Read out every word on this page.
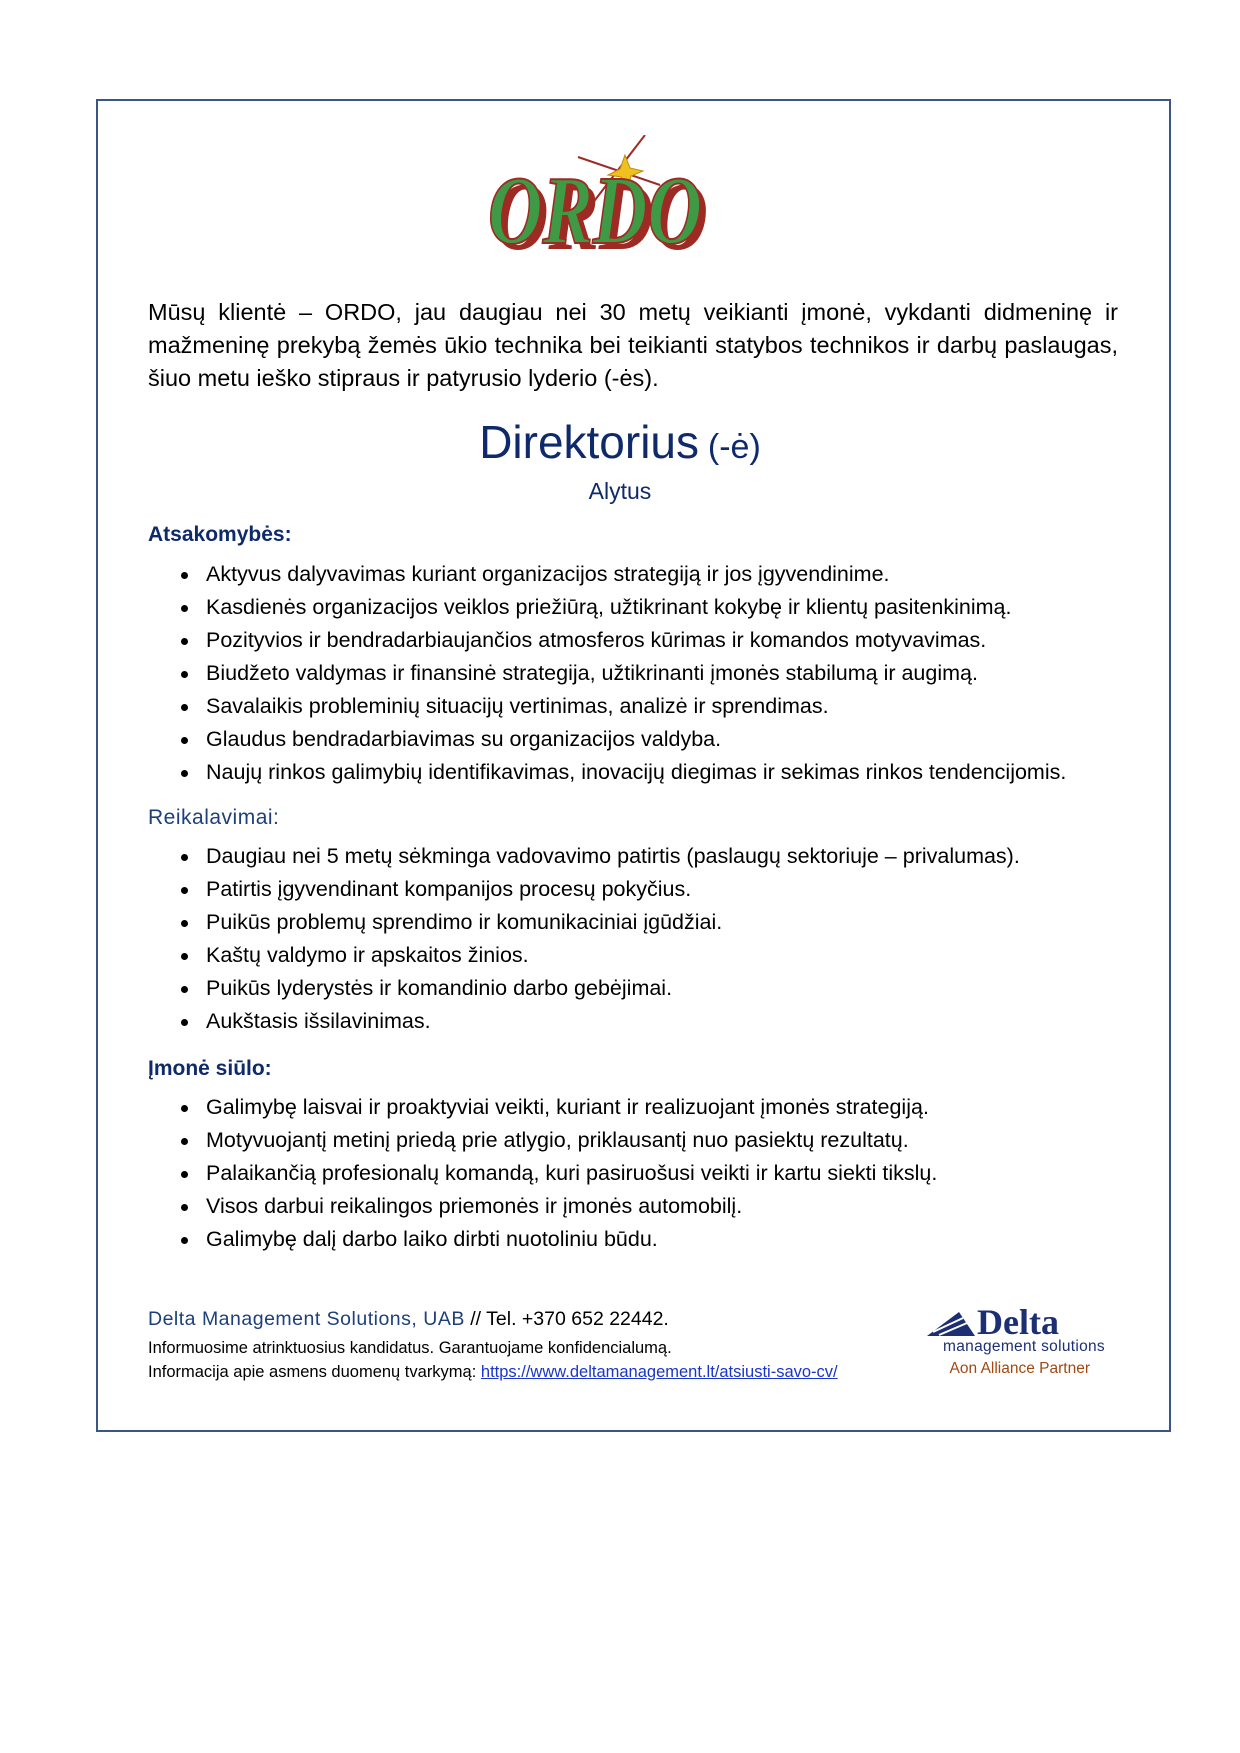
ORDO
ORDO

Mūsų klientė – ORDO, jau daugiau nei 30 metų veikianti įmonė, vykdanti didmeninę ir mažmeninę prekybą žemės ūkio technika bei teikianti statybos technikos ir darbų paslaugas, šiuo metu ieško stipraus ir patyrusio lyderio (-ės).

Direktorius (-ė)
Alytus
Atsakomybės:
Aktyvus dalyvavimas kuriant organizacijos strategiją ir jos įgyvendinime.
Kasdienės organizacijos veiklos priežiūrą, užtikrinant kokybę ir klientų pasitenkinimą.
Pozityvios ir bendradarbiaujančios atmosferos kūrimas ir komandos motyvavimas.
Biudžeto valdymas ir finansinė strategija, užtikrinanti įmonės stabilumą ir augimą.
Savalaikis probleminių situacijų vertinimas, analizė ir sprendimas.
Glaudus bendradarbiavimas su organizacijos valdyba.
Naujų rinkos galimybių identifikavimas, inovacijų diegimas ir sekimas rinkos tendencijomis.
Reikalavimai:
Daugiau nei 5 metų sėkminga vadovavimo patirtis (paslaugų sektoriuje – privalumas).
Patirtis įgyvendinant kompanijos procesų pokyčius.
Puikūs problemų sprendimo ir komunikaciniai įgūdžiai.
Kaštų valdymo ir apskaitos žinios.
Puikūs lyderystės ir komandinio darbo gebėjimai.
Aukštasis išsilavinimas.
Įmonė siūlo:
Galimybę laisvai ir proaktyviai veikti, kuriant ir realizuojant įmonės strategiją.
Motyvuojantį metinį priedą prie atlygio, priklausantį nuo pasiektų rezultatų.
Palaikančią profesionalų komandą, kuri pasiruošusi veikti ir kartu siekti tikslų.
Visos darbui reikalingos priemonės ir įmonės automobilį.
Galimybę dalį darbo laiko dirbti nuotoliniu būdu.
Delta Management Solutions, UAB // Tel. +370 652 22442.
Informuosime atrinktuosius kandidatus. Garantuojame konfidencialumą.
Informacija apie asmens duomenų tvarkymą: https://www.deltamanagement.lt/atsiusti-savo-cv/
Delta
management solutions
Aon Alliance Partner
